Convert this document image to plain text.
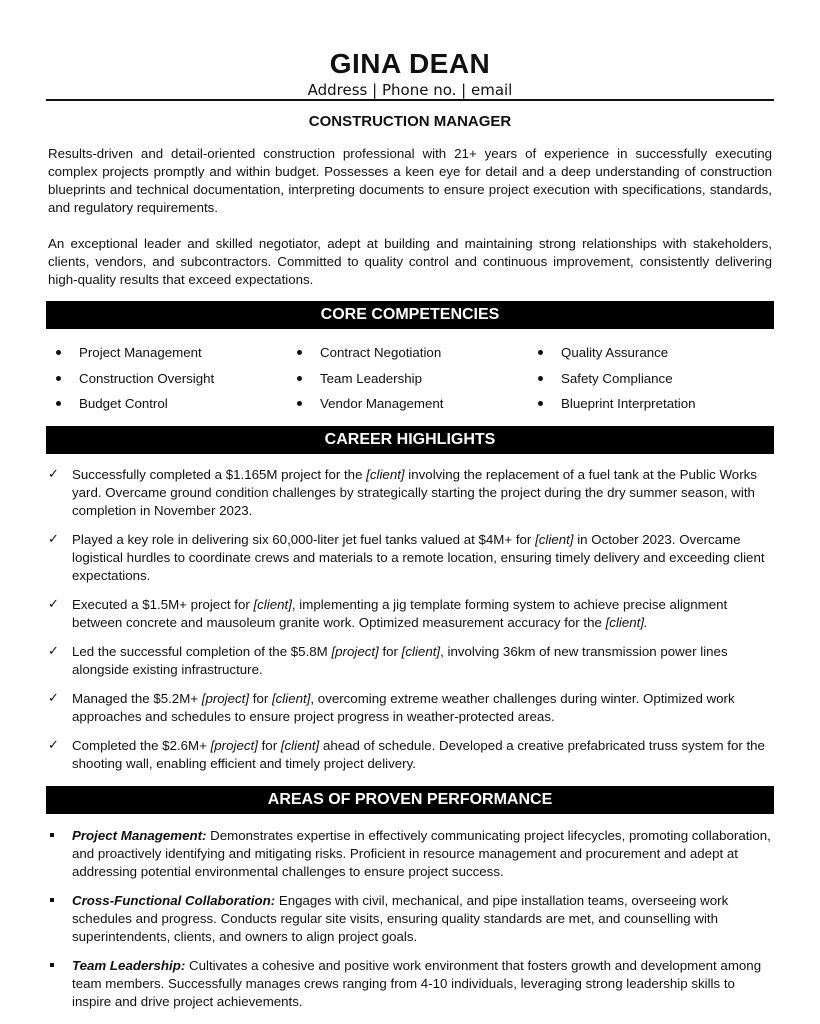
GINA DEAN
Address | Phone no. | email
CONSTRUCTION MANAGER
Results-driven and detail-oriented construction professional with 21+ years of experience in successfully executing complex projects promptly and within budget. Possesses a keen eye for detail and a deep understanding of construction blueprints and technical documentation, interpreting documents to ensure project execution with specifications, standards, and regulatory requirements.
An exceptional leader and skilled negotiator, adept at building and maintaining strong relationships with stakeholders, clients, vendors, and subcontractors. Committed to quality control and continuous improvement, consistently delivering high-quality results that exceed expectations.
CORE COMPETENCIES
Project Management
Construction Oversight
Budget Control
Contract Negotiation
Team Leadership
Vendor Management
Quality Assurance
Safety Compliance
Blueprint Interpretation
CAREER HIGHLIGHTS
✓ Successfully completed a $1.165M project for the [client] involving the replacement of a fuel tank at the Public Works yard. Overcame ground condition challenges by strategically starting the project during the dry summer season, with completion in November 2023.
✓ Played a key role in delivering six 60,000-liter jet fuel tanks valued at $4M+ for [client] in October 2023. Overcame logistical hurdles to coordinate crews and materials to a remote location, ensuring timely delivery and exceeding client expectations.
✓ Executed a $1.5M+ project for [client], implementing a jig template forming system to achieve precise alignment between concrete and mausoleum granite work. Optimized measurement accuracy for the [client].
✓ Led the successful completion of the $5.8M [project] for [client], involving 36km of new transmission power lines alongside existing infrastructure.
✓ Managed the $5.2M+ [project] for [client], overcoming extreme weather challenges during winter. Optimized work approaches and schedules to ensure project progress in weather-protected areas.
✓ Completed the $2.6M+ [project] for [client] ahead of schedule. Developed a creative prefabricated truss system for the shooting wall, enabling efficient and timely project delivery.
AREAS OF PROVEN PERFORMANCE
Project Management: Demonstrates expertise in effectively communicating project lifecycles, promoting collaboration, and proactively identifying and mitigating risks. Proficient in resource management and procurement and adept at addressing potential environmental challenges to ensure project success.
Cross-Functional Collaboration: Engages with civil, mechanical, and pipe installation teams, overseeing work schedules and progress. Conducts regular site visits, ensuring quality standards are met, and counselling with superintendents, clients, and owners to align project goals.
Team Leadership: Cultivates a cohesive and positive work environment that fosters growth and development among team members. Successfully manages crews ranging from 4-10 individuals, leveraging strong leadership skills to inspire and drive project achievements.
